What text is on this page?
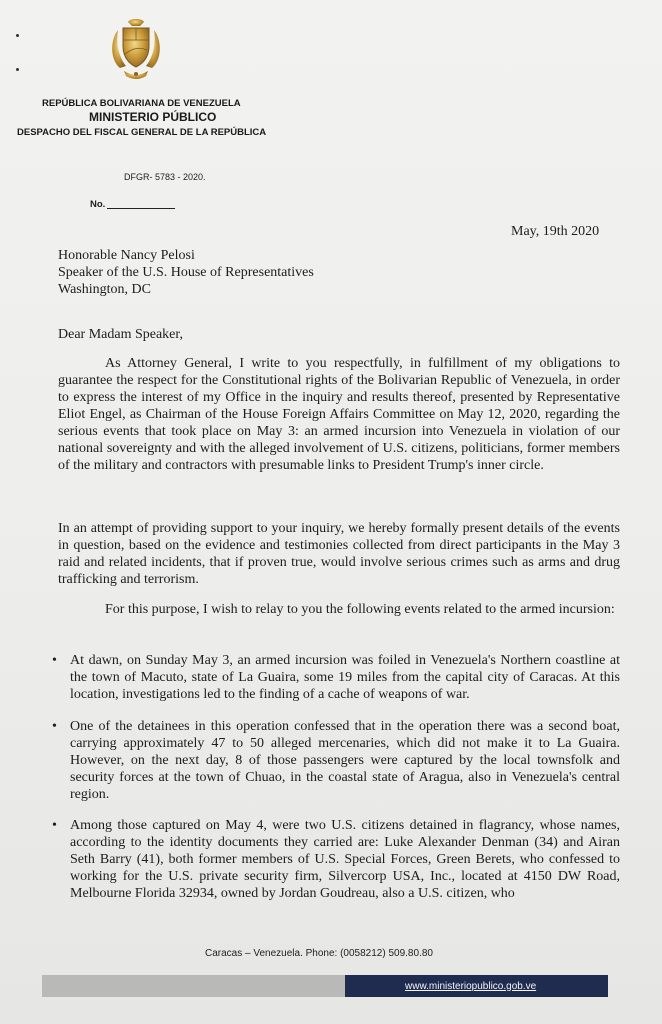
REPÚBLICA BOLIVARIANA DE VENEZUELA
MINISTERIO PÚBLICO
DESPACHO DEL FISCAL GENERAL DE LA REPÚBLICA
DFGR- 5783 - 2020.
No.
May, 19th 2020
Honorable Nancy Pelosi
Speaker of the U.S. House of Representatives
Washington, DC
Dear Madam Speaker,

As Attorney General, I write to you respectfully, in fulfillment of my obligations to guarantee the respect for the Constitutional rights of the Bolivarian Republic of Venezuela, in order to express the interest of my Office in the inquiry and results thereof, presented by Representative Eliot Engel, as Chairman of the House Foreign Affairs Committee on May 12, 2020, regarding the serious events that took place on May 3: an armed incursion into Venezuela in violation of our national sovereignty and with the alleged involvement of U.S. citizens, politicians, former members of the military and contractors with presumable links to President Trump's inner circle.

In an attempt of providing support to your inquiry, we hereby formally present details of the events in question, based on the evidence and testimonies collected from direct participants in the May 3 raid and related incidents, that if proven true, would involve serious crimes such as arms and drug trafficking and terrorism.

For this purpose, I wish to relay to you the following events related to the armed incursion:

• At dawn, on Sunday May 3, an armed incursion was foiled in Venezuela's Northern coastline at the town of Macuto, state of La Guaira, some 19 miles from the capital city of Caracas. At this location, investigations led to the finding of a cache of weapons of war.

• One of the detainees in this operation confessed that in the operation there was a second boat, carrying approximately 47 to 50 alleged mercenaries, which did not make it to La Guaira. However, on the next day, 8 of those passengers were captured by the local townsfolk and security forces at the town of Chuao, in the coastal state of Aragua, also in Venezuela's central region.

• Among those captured on May 4, were two U.S. citizens detained in flagrancy, whose names, according to the identity documents they carried are: Luke Alexander Denman (34) and Airan Seth Barry (41), both former members of U.S. Special Forces, Green Berets, who confessed to working for the U.S. private security firm, Silvercorp USA, Inc., located at 4150 DW Road, Melbourne Florida 32934, owned by Jordan Goudreau, also a U.S. citizen, who

Caracas – Venezuela. Phone: (0058212) 509.80.80
www.ministeriopublico.gob.ve
